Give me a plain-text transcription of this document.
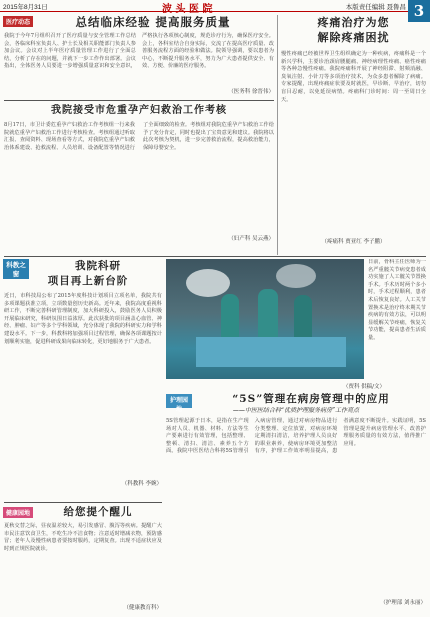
2015年8月31日	波 头 医 院	本版责任编辑 聂鲁昌 3
医疗动态	总结临床经验 提高服务质量
我院于今年7月组织召开了医疗质量与安全管理工作总结会，各临床科室负责人、护士长及相关职能部门负责人参加会议。会议对上半年医疗质量管理工作进行了全面总结，分析了存在的问题，并就下一步工作作出部署。会议指出，全体医务人员要进一步增强质量意识和安全意识，严格执行各项核心制度，规范诊疗行为，确保医疗安全。会上，各科室结合自身实际，交流了在提高医疗质量、改善服务流程方面的经验和做法。院领导强调，要以患者为中心，不断提升服务水平，努力为广大患者提供安全、有效、方便、价廉的医疗服务。
（医务科 徐晋伟）
我院接受市危重孕产妇救治工作考核
8月17日，市卫计委危重孕产妇救治工作考核组一行来我院就危重孕产妇救治工作进行考核检查。考核组通过听取汇报、查阅资料、现场查看等方式，对我院危重孕产妇救治体系建设、抢救流程、人员培训、设备配置等情况进行了全面细致的检查。考核组对我院危重孕产妇救治工作给予了充分肯定，同时也提出了宝贵意见和建议。我院将以此次考核为契机，进一步完善救治流程，提高救治能力，保障母婴安全。
（妇产科 吴云燕）
疼痛治疗为您
解除疼痛困扰
慢性疼痛已经被世界卫生组织确定为一种疾病，疼痛科是一个新兴学科，主要诊治颈肩腰腿痛、神经病理性疼痛、癌性疼痛等各种急慢性疼痛。我院疼痛科开展了神经阻滞、射频消融、臭氧注射、小针刀等多项治疗技术，为众多患者解除了病痛。专家提醒，出现疼痛症状要及时就医，早诊断、早治疗，切勿盲目忍耐，以免延误病情。疼痛科门诊时间：周一至周日全天。
（疼痛科 贾亚红 李子鹏）
科教之窗
我院科研
项目再上新台阶
近日，市科技局公布了2015年度科技计划项目立项名单，我院共有多项课题获准立项，立项数量创历史新高。近年来，我院高度重视科研工作，不断完善科研管理制度，加大科研投入，鼓励医务人员积极开展临床研究，科研氛围日益浓厚。此次获批的项目涵盖心血管、神经、肿瘤、妇产等多个学科领域，充分体现了我院的科研实力和学科建设水平。下一步，科教科将加强项目过程管理，确保各项课题按计划顺利实施，促进科研成果向临床转化，更好地服务于广大患者。
（科教科 李婉）
（贾科 供稿/文）
日前，骨科主任医师为一名严重髋关节病变患者成功实施了人工髋关节置换手术。手术历时两个多小时，手术过程顺利，患者术后恢复良好。人工关节置换术是治疗终末期关节疾病的有效方法，可以明显缓解关节疼痛，恢复关节功能，提高患者生活质量。
护理园地
“5S”管理在病房管理中的应用
——中医医结合科“优质护理服务病房”工作亮点
5S管理起源于日本，是指在生产现场对人员、机器、材料、方法等生产要素进行有效管理，包括整理、整顿、清扫、清洁、素养五个方面。我院中医医结合科将5S管理引入病房管理，通过对病房物品进行分类整理、定位放置，对病房环境定期清扫清洁，培养护理人员良好的职业素养，使病房环境更加整洁有序，护理工作效率明显提高，患者满意度不断提升。实践证明，5S管理是提升病房管理水平、改善护理服务质量的有效方法，值得推广应用。
（护理部 刘永丽）
健康园地	给您提个醒儿
夏秋交替之际，昼夜温差较大，易引发感冒、腹泻等疾病。提醒广大市民注意饮食卫生，不吃生冷不洁食物；注意适时增减衣物，预防感冒；老年人及慢性病患者要按时服药，定期复查。出现不适症状应及时到正规医院就诊。
（健康教育科）
